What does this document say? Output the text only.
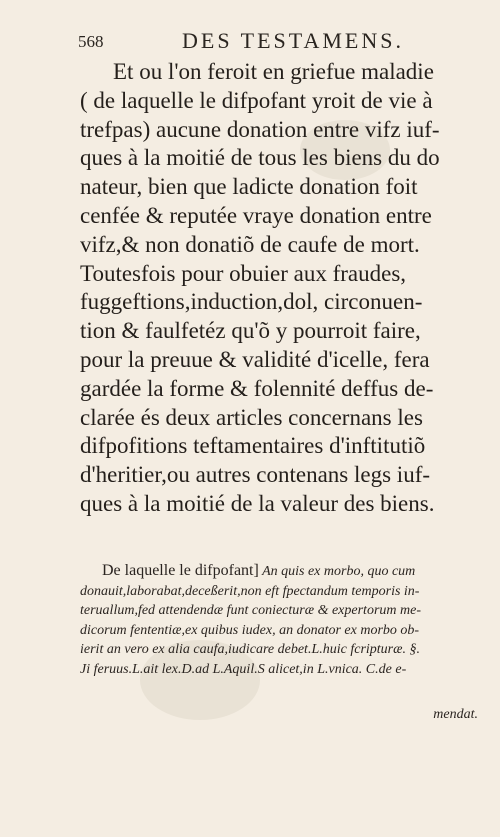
568	DES TESTAMENS.
Et ou l'on feroit en griefue maladie
( de laquelle le difpofant yroit de vie à
trefpas) aucune donation entre vifz iuf-
ques à la moitié de tous les biens du do
nateur, bien que ladicte donation foit
cenfée & reputée vraye donation entre
vifz,& non donatiõ de caufe de mort.
Toutesfois pour obuier aux fraudes,
fuggeftions,induction,dol, circonuen-
tion & faulfetéz qu'õ y pourroit faire,
pour la preuue & validité d'icelle, fera
gardée la forme & folennité deffus de-
clarée és deux articles concernans les
difpofitions teftamentaires d'inftitutiõ
d'heritier,ou autres contenans legs iuf-
ques à la moitié de la valeur des biens.
De laquelle le difpofant] An quis ex morbo, quo cum
donauit,laborabat,deceßerit,non eft fpectandum temporis in-
teruallum,fed attendendæ funt coniecturæ & expertorum me-
dicorum fententiæ,ex quibus iudex, an donator ex morbo ob-
ierit an vero ex alia caufa,iudicare debet.L.huic fcripturæ. §.
Ji feruus.L.ait lex.D.ad L.Aquil.S alicet,in L.vnica. C.de e-
mendat.
